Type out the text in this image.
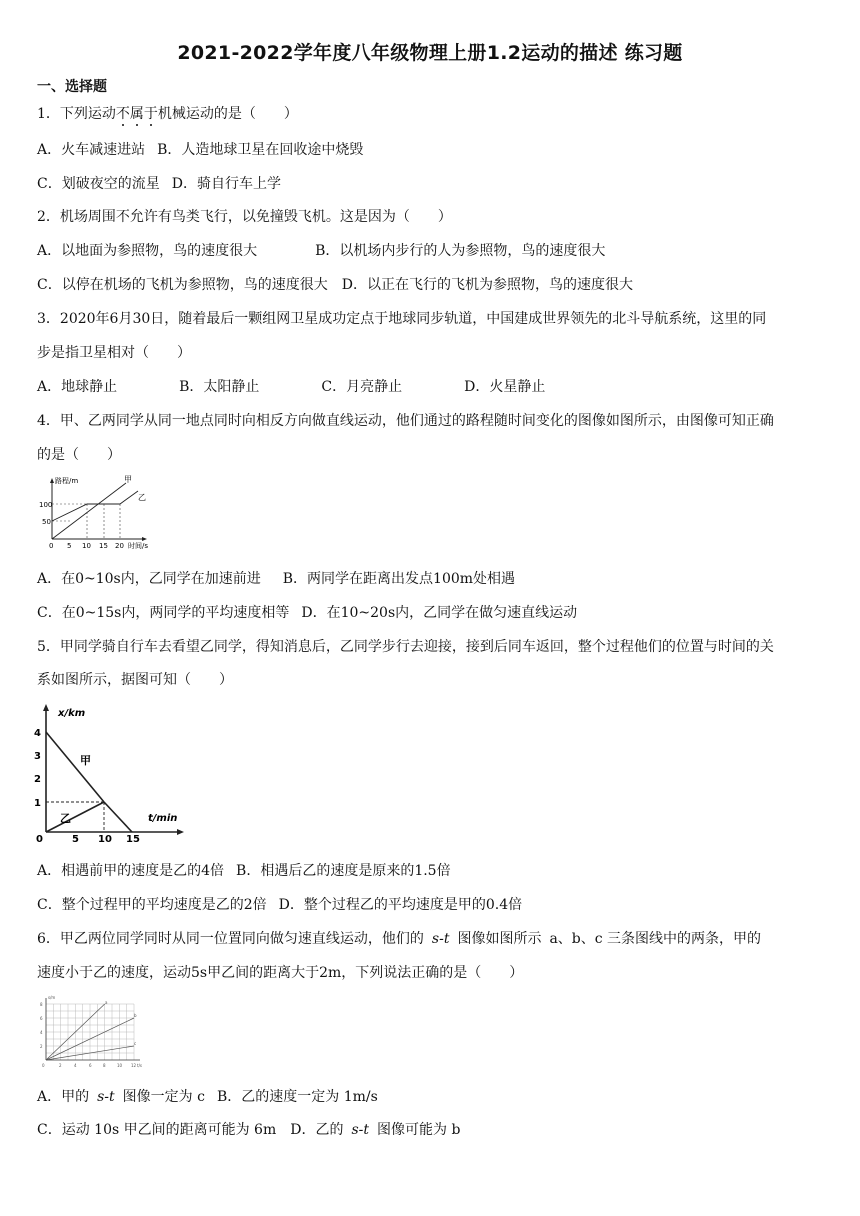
2021-2022学年度八年级物理上册1.2运动的描述 练习题
一、选择题
1．下列运动不属于机械运动的是（　　）
A．火车减速进站 B．人造地球卫星在回收途中烧毁
C．划破夜空的流星 D．骑自行车上学
2．机场周围不允许有鸟类飞行，以免撞毁飞机。这是因为（　　）
A．以地面为参照物，鸟的速度很大	B．以机场内步行的人为参照物，鸟的速度很大
C．以停在机场的飞机为参照物，鸟的速度很大 D．以正在飞行的飞机为参照物，鸟的速度很大
3．2020年6月30日，随着最后一颗组网卫星成功定点于地球同步轨道，中国建成世界领先的北斗导航系统，这里的同
步是指卫星相对（　　）
A．地球静止	B．太阳静止	C．月亮静止	D．火星静止
4．甲、乙两同学从同一地点同时向相反方向做直线运动，他们通过的路程随时间变化的图像如图所示，由图像可知正确
的是（　　）
路程/m
时间/s
100
50
0 5 10 15 20
甲
乙
A．在0~10s内，乙同学在加速前进 B．两同学在距离出发点100m处相遇
C．在0~15s内，两同学的平均速度相等 D．在10~20s内，乙同学在做匀速直线运动
5．甲同学骑自行车去看望乙同学，得知消息后，乙同学步行去迎接，接到后同车返回，整个过程他们的位置与时间的关
系如图所示，据图可知（　　）
x/km
t/min
4
3
2
1
0	5 10 15
甲
乙
A．相遇前甲的速度是乙的4倍 B．相遇后乙的速度是原来的1.5倍
C．整个过程甲的平均速度是乙的2倍 D．整个过程乙的平均速度是甲的0.4倍
6．甲乙两位同学同时从同一位置同向做匀速直线运动，他们的 s-t 图像如图所示 a、b、c 三条图线中的两条，甲的
速度小于乙的速度，运动5s甲乙间的距离大于2m，下列说法正确的是（　　）
a
b
c
s/m
t/s
8
6
4
2
0	2	4	6	8	10 12
A．甲的 s-t 图像一定为 c B．乙的速度一定为 1m/s
C．运动 10s 甲乙间的距离可能为 6m D．乙的 s-t 图像可能为 b
